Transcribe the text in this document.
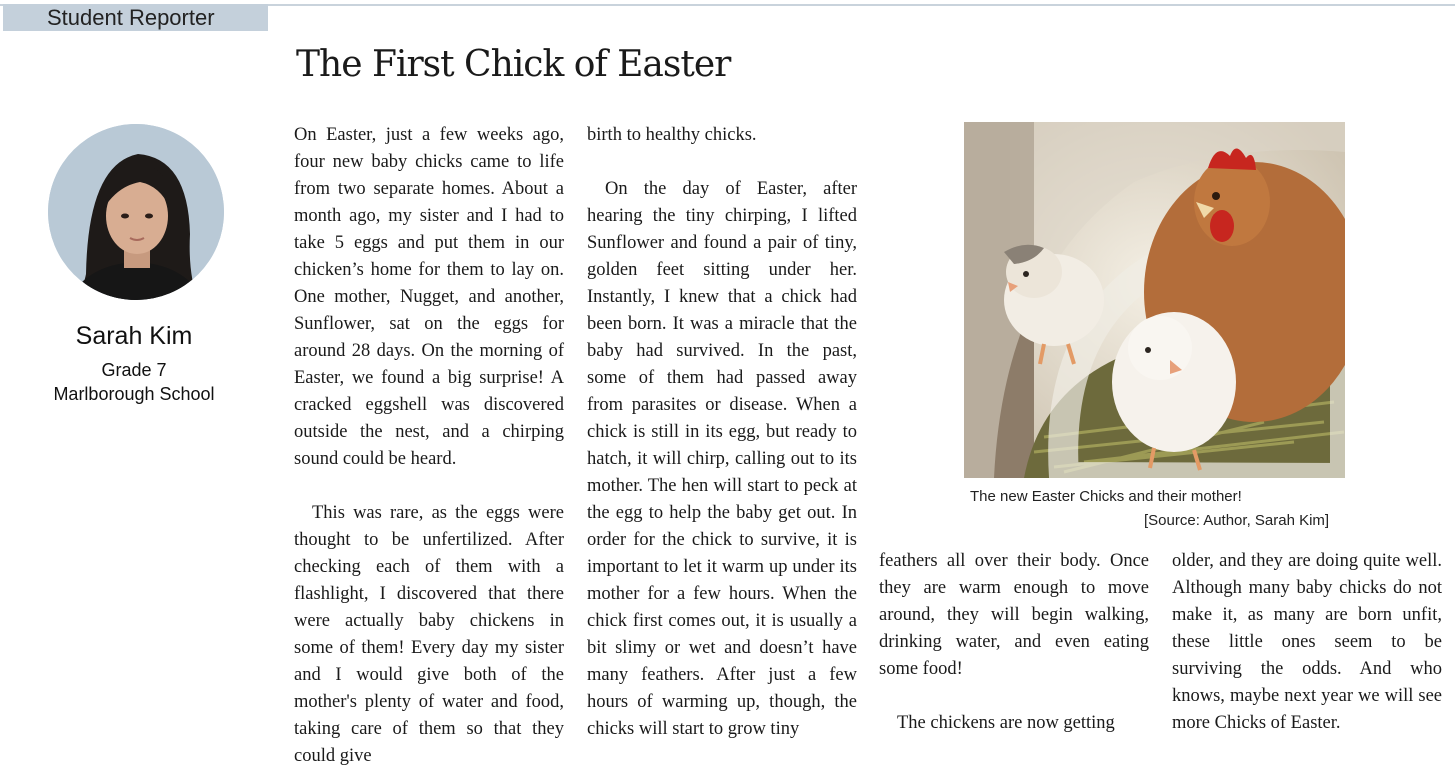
Student Reporter
The First Chick of Easter
Sarah Kim
Grade 7
Marlborough School

On Easter, just a few weeks ago, four new baby chicks came to life from two separate homes. About a month ago, my sister and I had to take 5 eggs and put them in our chicken’s home for them to lay on. One mother, Nugget, and another, Sunflower, sat on the eggs for around 28 days. On the morning of Easter, we found a big surprise! A cracked eggshell was discovered outside the nest, and a chirping sound could be heard.

This was rare, as the eggs were thought to be unfertilized. After checking each of them with a flashlight, I discovered that there were actually baby chickens in some of them! Every day my sister and I would give both of the mother's plenty of water and food, taking care of them so that they could give

birth to healthy chicks.

On the day of Easter, after hearing the tiny chirping, I lifted Sunflower and found a pair of tiny, golden feet sitting under her. Instantly, I knew that a chick had been born. It was a miracle that the baby had survived. In the past, some of them had passed away from parasites or disease. When a chick is still in its egg, but ready to hatch, it will chirp, calling out to its mother. The hen will start to peck at the egg to help the baby get out. In order for the chick to survive, it is important to let it warm up under its mother for a few hours. When the chick first comes out, it is usually a bit slimy or wet and doesn’t have many feathers. After just a few hours of warming up, though, the chicks will start to grow tiny

The new Easter Chicks and their mother!
[Source: Author, Sarah Kim]

feathers all over their body. Once they are warm enough to move around, they will begin walking, drinking water, and even eating some food!

The chickens are now getting

older, and they are doing quite well. Although many baby chicks do not make it, as many are born unfit, these little ones seem to be surviving the odds. And who knows, maybe next year we will see more Chicks of Easter.
